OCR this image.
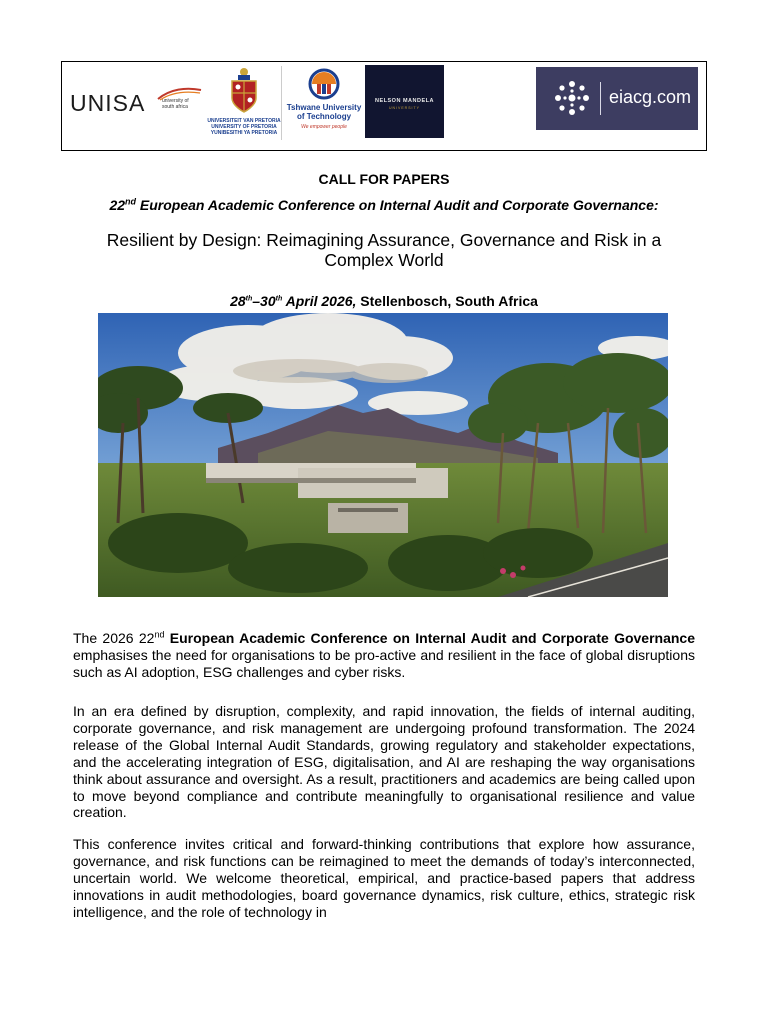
UNISA	university of south africa
UNIVERSITEIT VAN PRETORIA
UNIVERSITY OF PRETORIA
YUNIBESITHI YA PRETORIA
Tshwane University of Technology
We empower people
NELSON MANDELA
UNIVERSITY
eiacg.com
CALL FOR PAPERS
22nd European Academic Conference on Internal Audit and Corporate Governance:
Resilient by Design: Reimagining Assurance, Governance and Risk in a Complex World
28th–30th April 2026, Stellenbosch, South Africa
The 2026 22nd European Academic Conference on Internal Audit and Corporate Governance emphasises the need for organisations to be pro-active and resilient in the face of global disruptions such as AI adoption, ESG challenges and cyber risks.
In an era defined by disruption, complexity, and rapid innovation, the fields of internal auditing, corporate governance, and risk management are undergoing profound transformation. The 2024 release of the Global Internal Audit Standards, growing regulatory and stakeholder expectations, and the accelerating integration of ESG, digitalisation, and AI are reshaping the way organisations think about assurance and oversight. As a result, practitioners and academics are being called upon to move beyond compliance and contribute meaningfully to organisational resilience and value creation.
This conference invites critical and forward-thinking contributions that explore how assurance, governance, and risk functions can be reimagined to meet the demands of today’s interconnected, uncertain world. We welcome theoretical, empirical, and practice-based papers that address innovations in audit methodologies, board governance dynamics, risk culture, ethics, strategic risk intelligence, and the role of technology in
